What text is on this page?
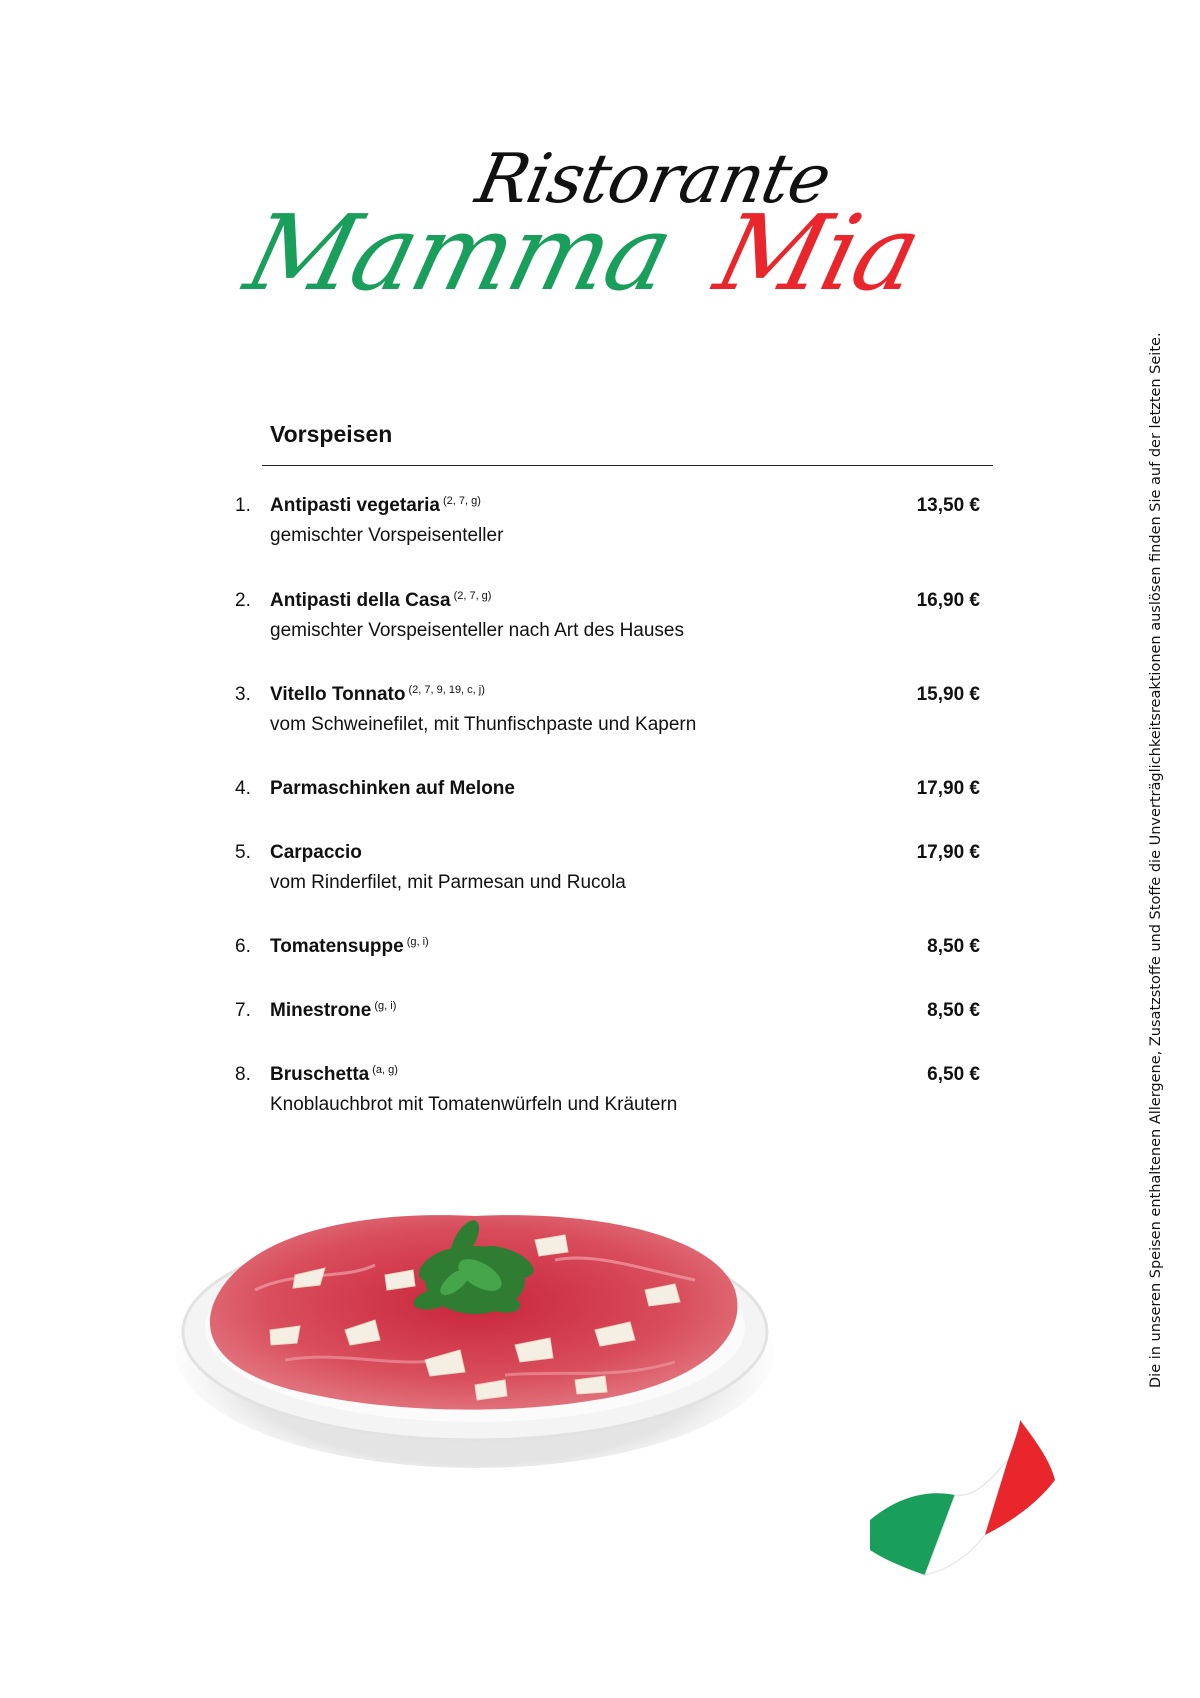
Ristorante
Mamma Mia
Vorspeisen
1. Antipasti vegetaria $^{(2, 7, g)}$	13,50 €
gemischter Vorspeisenteller
2. Antipasti della Casa $^{(2, 7, g)}$	16,90 €
gemischter Vorspeisenteller nach Art des Hauses
3. Vitello Tonnato $^{(2, 7, 9, 19, c, j)}$	15,90 €
vom Schweinefilet, mit Thunfischpaste und Kapern
4. Parmaschinken auf Melone	17,90 €
5. Carpaccio	17,90 €
vom Rinderfilet, mit Parmesan und Rucola
6. Tomatensuppe $^{(g, i)}$	8,50 €
7. Minestrone $^{(g, i)}$	8,50 €
8. Bruschetta $^{(a, g)}$	6,50 €
Knoblauchbrot mit Tomatenwürfeln und Kräutern	Die in unseren Speisen enthaltenen Allergene, Zusatzstoffe und Stoffe die Unverträglichkeitsreaktionen auslösen finden Sie auf der letzten Seite.
